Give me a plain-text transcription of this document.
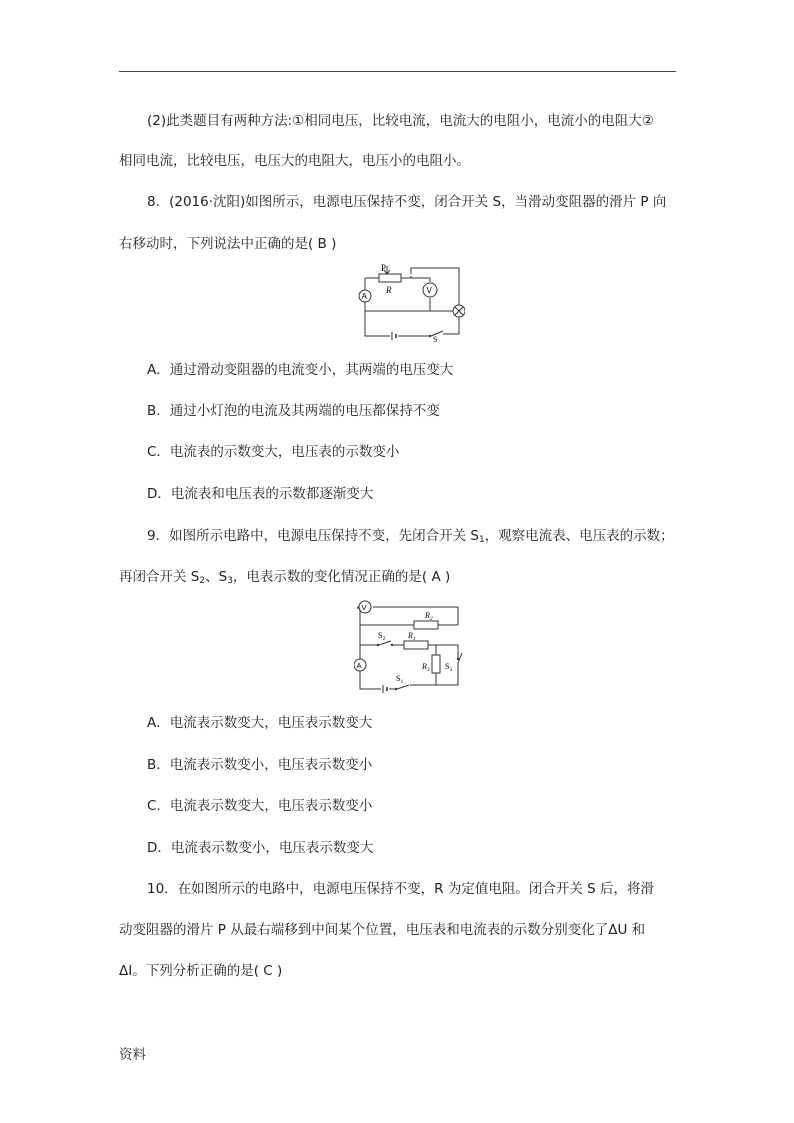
(2)此类题目有两种方法:①相同电压，比较电流，电流大的电阻小，电流小的电阻大②
相同电流，比较电压，电压大的电阻大，电压小的电阻小。
8．(2016·沈阳)如图所示，电源电压保持不变，闭合开关 S，当滑动变阻器的滑片 P 向
右移动时，下列说法中正确的是( B )
P
R
A
V
S
A．通过滑动变阻器的电流变小，其两端的电压变大
B．通过小灯泡的电流及其两端的电压都保持不变
C．电流表的示数变大，电压表的示数变小
D．电流表和电压表的示数都逐渐变大
9．如图所示电路中，电源电压保持不变，先闭合开关 $S_1$，观察电流表、电压表的示数；
再闭合开关 $S_2$、$S_3$，电表示数的变化情况正确的是( A )
V
A
$R_2$
$R_1$
$R_3$
$S_2$
$S_3$
$S_1$
A．电流表示数变大，电压表示数变大
B．电流表示数变小，电压表示数变小
C．电流表示数变大，电压表示数变小
D．电流表示数变小，电压表示数变大
10．在如图所示的电路中，电源电压保持不变，R 为定值电阻。闭合开关 S 后，将滑
动变阻器的滑片 P 从最右端移到中间某个位置，电压表和电流表的示数分别变化了ΔU 和
ΔI。下列分析正确的是( C )
资料
